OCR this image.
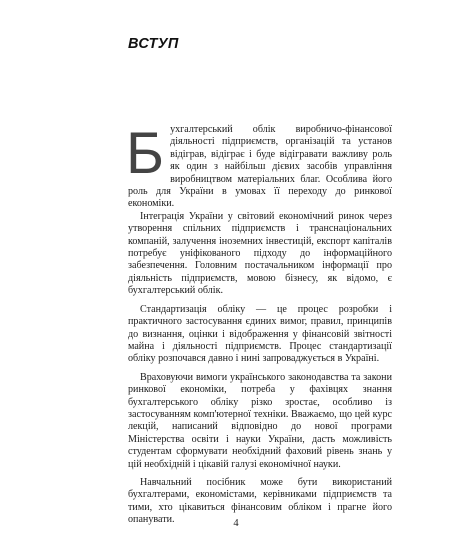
ВСТУП

Бухгалтерський облік виробничо-фінансової діяльності підприємств, організацій та установ відіграв, відіграє і буде відігравати важливу роль як один з найбільш дієвих засобів управління виробництвом матеріальних благ. Особлива його роль для України в умовах її переходу до ринкової економіки.

Інтеграція України у світовий економічний ринок через утворення спільних підприємств і транснаціональних компаній, залучення іноземних інвестицій, експорт капіталів потребує уніфікованого підходу до інформаційного забезпечення. Головним постачальником інформації про діяльність підприємств, мовою бізнесу, як відомо, є бухгалтерський облік.

Стандартизація обліку — це процес розробки і практичного застосування єдиних вимог, правил, принципів до визнання, оцінки і відображення у фінансовій звітності майна і діяльності підприємств. Процес стандартизації обліку розпочався давно і нині запроваджується в Україні.

Враховуючи вимоги українського законодавства та закони ринкової економіки, потреба у фахівцях знання бухгалтерського обліку різко зростає, особливо із застосуванням комп'ютерної техніки. Вважаємо, що цей курс лекцій, написаний відповідно до нової програми Міністерства освіти і науки України, дасть можливість студентам сформувати необхідний фаховий рівень знань у цій необхідній і цікавій галузі економічної науки.

Навчальний посібник може бути використаний бухгалтерами, економістами, керівниками підприємств та тими, хто цікавиться фінансовим обліком і прагне його опанувати.	4
